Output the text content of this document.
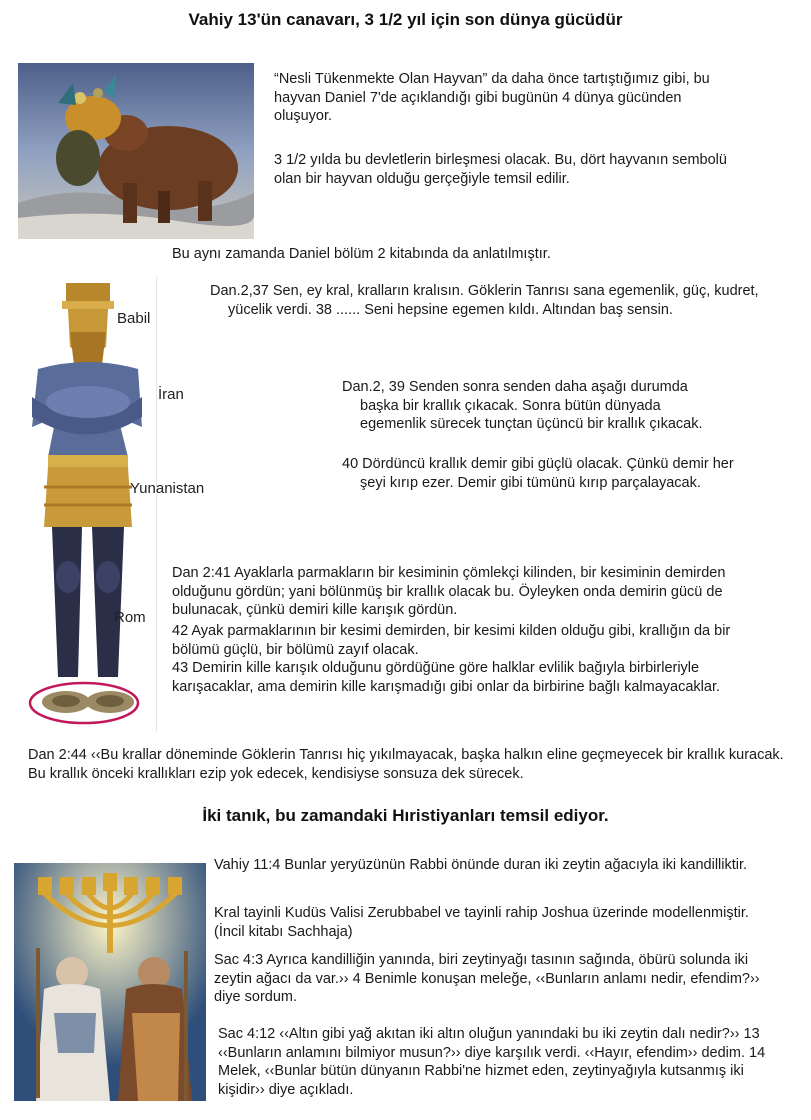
Vahiy 13'ün canavarı, 3 1/2 yıl için son dünya gücüdür

“Nesli Tükenmekte Olan Hayvan” da daha önce tartıştığımız gibi, bu hayvan Daniel 7'de açıklandığı gibi bugünün 4 dünya gücünden oluşuyor.

3 1/2 yılda bu devletlerin birleşmesi olacak. Bu, dört hayvanın sembolü olan bir hayvan olduğu gerçeğiyle temsil edilir.

Bu aynı zamanda Daniel bölüm 2 kitabında da anlatılmıştır.

Babil
İran
Yunanistan
Rom

Dan.2,37 Sen, ey kral, kralların kralısın. Göklerin Tanrısı sana egemenlik, güç, kudret, yücelik verdi. 38 ...... Seni hepsine egemen kıldı. Altından baş sensin.

Dan.2, 39 Senden sonra senden daha aşağı durumda başka bir krallık çıkacak. Sonra bütün dünyada egemenlik sürecek tunçtan üçüncü bir krallık çıkacak.

40 Dördüncü krallık demir gibi güçlü olacak. Çünkü demir her şeyi kırıp ezer. Demir gibi tümünü kırıp parçalayacak.

Dan 2:41 Ayaklarla parmakların bir kesiminin çömlekçi kilinden, bir kesiminin demirden olduğunu gördün; yani bölünmüş bir krallık olacak bu. Öyleyken onda demirin gücü de bulunacak, çünkü demiri kille karışık gördün.

42 Ayak parmaklarının bir kesimi demirden, bir kesimi kilden olduğu gibi, krallığın da bir bölümü güçlü, bir bölümü zayıf olacak.

43 Demirin kille karışık olduğunu gördüğüne göre halklar evlilik bağıyla birbirleriyle karışacaklar, ama demirin kille karışmadığı gibi onlar da birbirine bağlı kalmayacaklar.

Dan 2:44 ‹‹Bu krallar döneminde Göklerin Tanrısı hiç yıkılmayacak, başka halkın eline geçmeyecek bir krallık kuracak. Bu krallık önceki krallıkları ezip yok edecek, kendisiyse sonsuza dek sürecek.

İki tanık, bu zamandaki Hıristiyanları temsil ediyor.

Vahiy 11:4 Bunlar yeryüzünün Rabbi önünde duran iki zeytin ağacıyla iki kandilliktir.

Kral tayinli Kudüs Valisi Zerubbabel ve tayinli rahip Joshua üzerinde modellenmiştir. (İncil kitabı Sachhaja)

Sac 4:3 Ayrıca kandilliğin yanında, biri zeytinyağı tasının sağında, öbürü solunda iki zeytin ağacı da var.›› 4 Benimle konuşan meleğe, ‹‹Bunların anlamı nedir, efendim?›› diye sordum.

Sac 4:12 ‹‹Altın gibi yağ akıtan iki altın oluğun yanındaki bu iki zeytin dalı nedir?›› 13 ‹‹Bunların anlamını bilmiyor musun?›› diye karşılık verdi. ‹‹Hayır, efendim›› dedim. 14 Melek, ‹‹Bunlar bütün dünyanın Rabbi'ne hizmet eden, zeytinyağıyla kutsanmış iki kişidir›› diye açıkladı.
